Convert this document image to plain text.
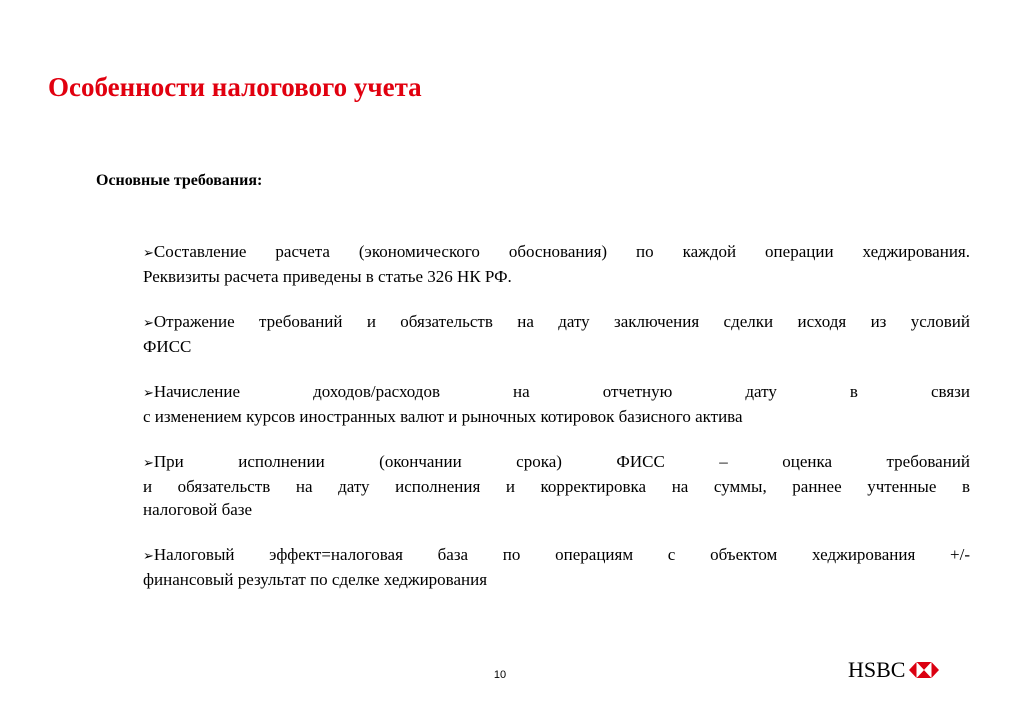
Особенности налогового учета
Основные требования:
➢Составление расчета (экономического обоснования) по каждой операции хеджирования.
Реквизиты расчета приведены в статье 326 НК РФ.
➢Отражение требований и обязательств на дату заключения сделки исходя из условий
ФИСС
➢Начисление доходов/расходов на отчетную дату в связи
с изменением курсов иностранных валют и рыночных котировок базисного актива
➢При исполнении (окончании срока) ФИСС – оценка требований
и обязательств на дату исполнения и корректировка на суммы, раннее учтенные в
налоговой базе
➢Налоговый эффект=налоговая база по операциям с объектом хеджирования +/-
финансовый результат по сделке хеджирования
10	HSBC
